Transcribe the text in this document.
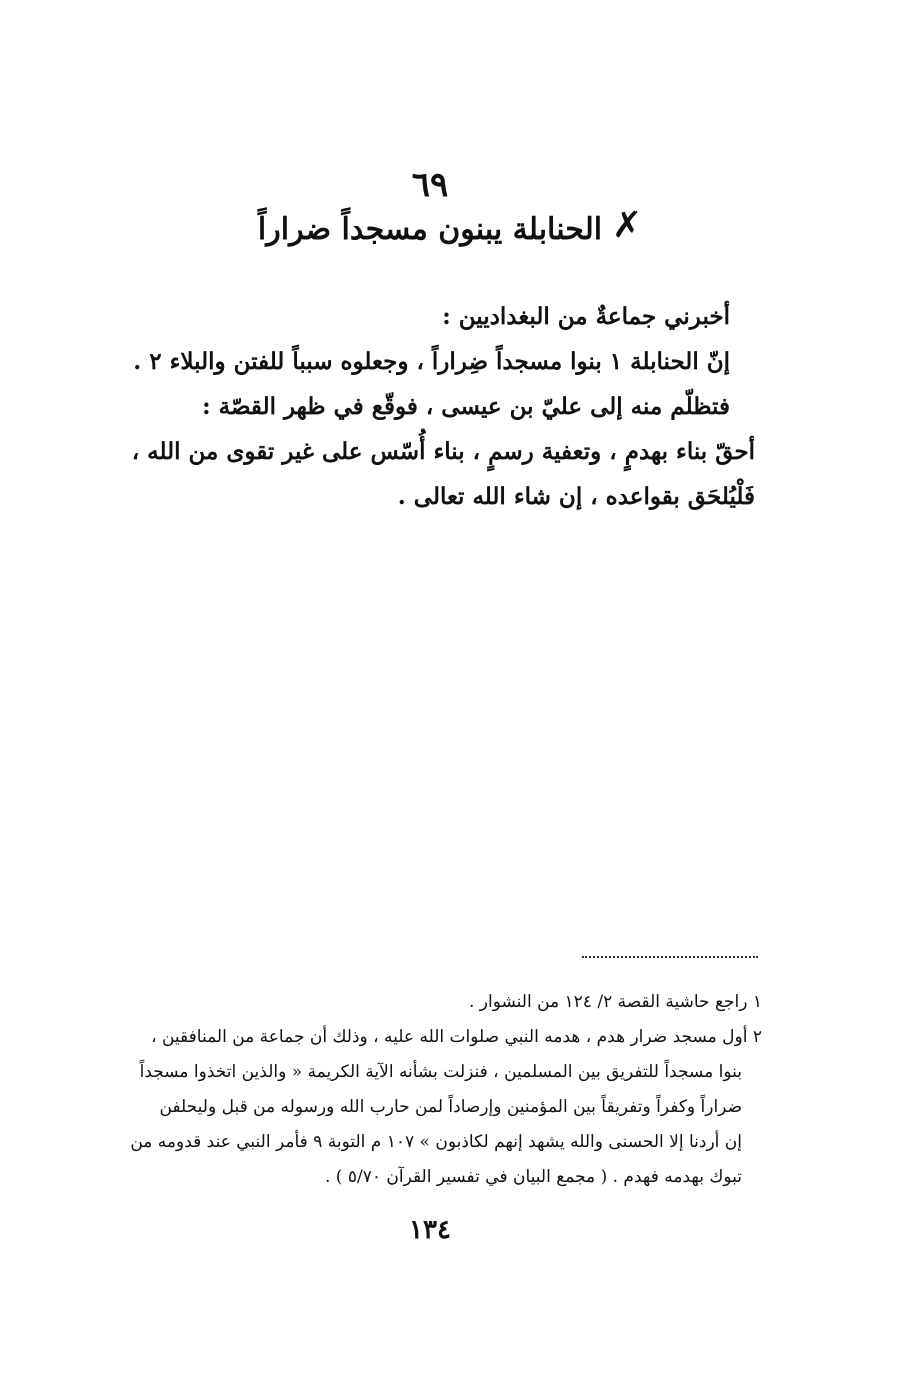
٦٩
الحنابلة يبنون مسجداً ضراراً ✗

أخبرني جماعةٌ من البغداديين :

إنّ الحنابلة ١ بنوا مسجداً ضِراراً ، وجعلوه سبباً للفتن والبلاء ٢ .

فتظلّم منه إلى عليّ بن عيسى ، فوقّع في ظهر القصّة :

أحقّ بناء بهدمٍ ، وتعفية رسمٍ ، بناء أُسّس على غير تقوى من الله ،

فَلْيُلحَق بقواعده ، إن شاء الله تعالى .

١ راجع حاشية القصة ٢/ ١٢٤ من النشوار .

٢ أول مسجد ضرار هدم ، هدمه النبي صلوات الله عليه ، وذلك أن جماعة من المنافقين ،

بنوا مسجداً للتفريق بين المسلمين ، فنزلت بشأنه الآية الكريمة « والذين اتخذوا مسجداً

ضراراً وكفراً وتفريقاً بين المؤمنين وإرصاداً لمن حارب الله ورسوله من قبل وليحلفن

إن أردنا إلا الحسنى والله يشهد إنهم لكاذبون » ١٠٧ م التوبة ٩ فأمر النبي عند قدومه من

تبوك بهدمه فهدم . ( مجمع البيان في تفسير القرآن ٥/٧٠ ) .

١٣٤
